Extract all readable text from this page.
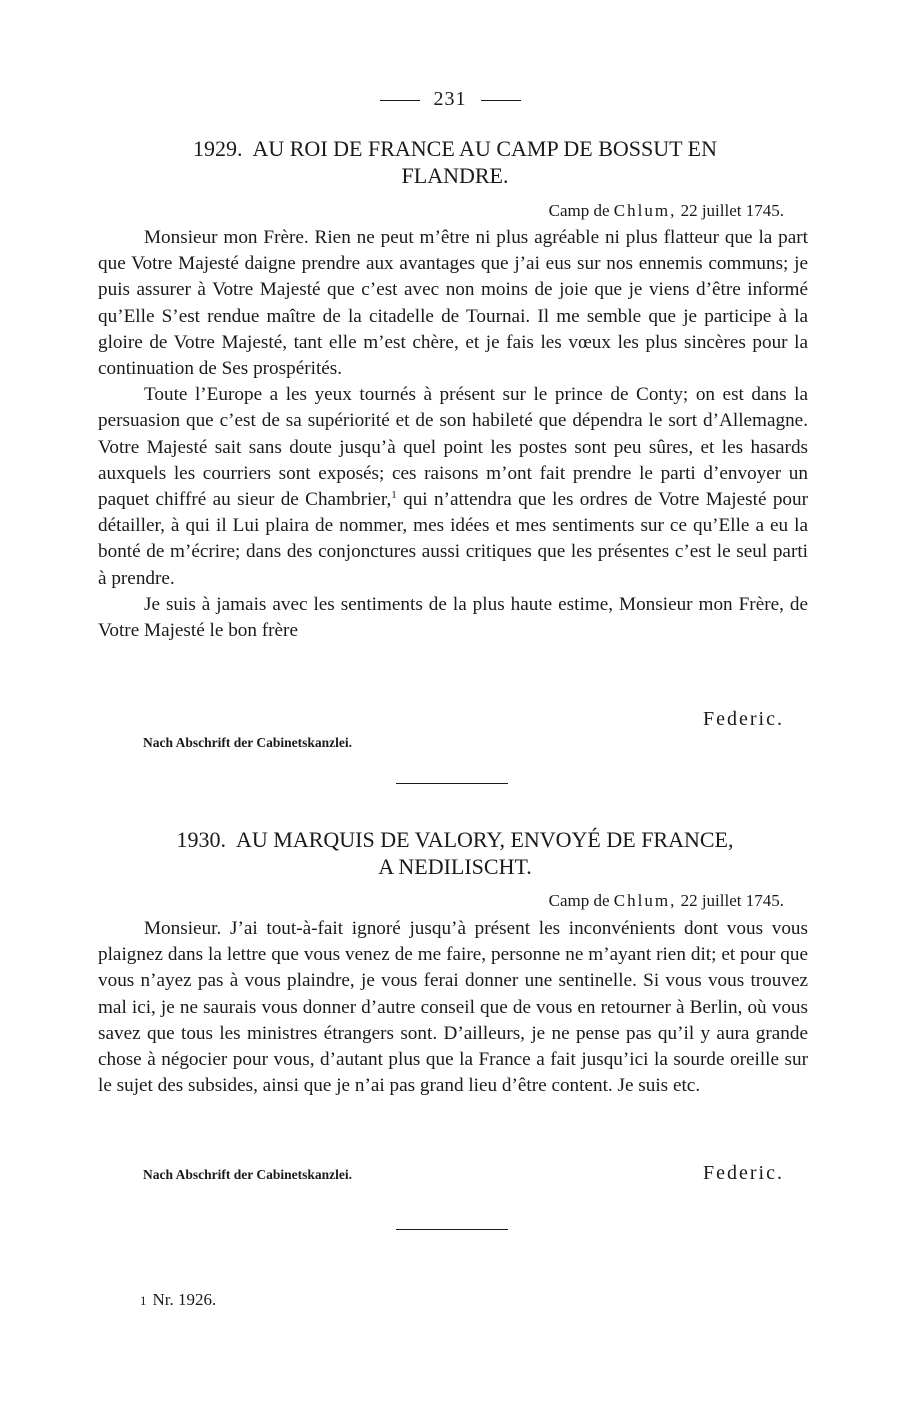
231
1929. AU ROI DE FRANCE AU CAMP DE BOSSUT EN
FLANDRE.
Camp de Chlum, 22 juillet 1745.

Monsieur mon Frère. Rien ne peut m’être ni plus agréable ni plus flatteur que la part que Votre Majesté daigne prendre aux avantages que j’ai eus sur nos ennemis communs; je puis assurer à Votre Majesté que c’est avec non moins de joie que je viens d’être informé qu’Elle S’est rendue maître de la citadelle de Tournai. Il me semble que je participe à la gloire de Votre Majesté, tant elle m’est chère, et je fais les vœux les plus sincères pour la continuation de Ses prospérités.

Toute l’Europe a les yeux tournés à présent sur le prince de Conty; on est dans la persuasion que c’est de sa supériorité et de son habileté que dépendra le sort d’Allemagne. Votre Majesté sait sans doute jusqu’à quel point les postes sont peu sûres, et les hasards auxquels les courriers sont exposés; ces raisons m’ont fait prendre le parti d’envoyer un paquet chiffré au sieur de Chambrier,$^1$ qui n’attendra que les ordres de Votre Majesté pour détailler, à qui il Lui plaira de nommer, mes idées et mes sentiments sur ce qu’Elle a eu la bonté de m’écrire; dans des conjonctures aussi critiques que les présentes c’est le seul parti à prendre.

Je suis à jamais avec les sentiments de la plus haute estime, Monsieur mon Frère, de Votre Majesté le bon frère

Federic.
Nach Abschrift der Cabinetskanzlei.
1930. AU MARQUIS DE VALORY, ENVOYÉ DE FRANCE,
A NEDILISCHT.
Camp de Chlum, 22 juillet 1745.

Monsieur. J’ai tout-à-fait ignoré jusqu’à présent les inconvénients dont vous vous plaignez dans la lettre que vous venez de me faire, personne ne m’ayant rien dit; et pour que vous n’ayez pas à vous plaindre, je vous ferai donner une sentinelle. Si vous vous trouvez mal ici, je ne saurais vous donner d’autre conseil que de vous en retourner à Berlin, où vous savez que tous les ministres étrangers sont. D’ailleurs, je ne pense pas qu’il y aura grande chose à négocier pour vous, d’autant plus que la France a fait jusqu’ici la sourde oreille sur le sujet des subsides, ainsi que je n’ai pas grand lieu d’être content. Je suis etc.

Nach Abschrift der Cabinetskanzlei.	Federic.
1 Nr. 1926.
